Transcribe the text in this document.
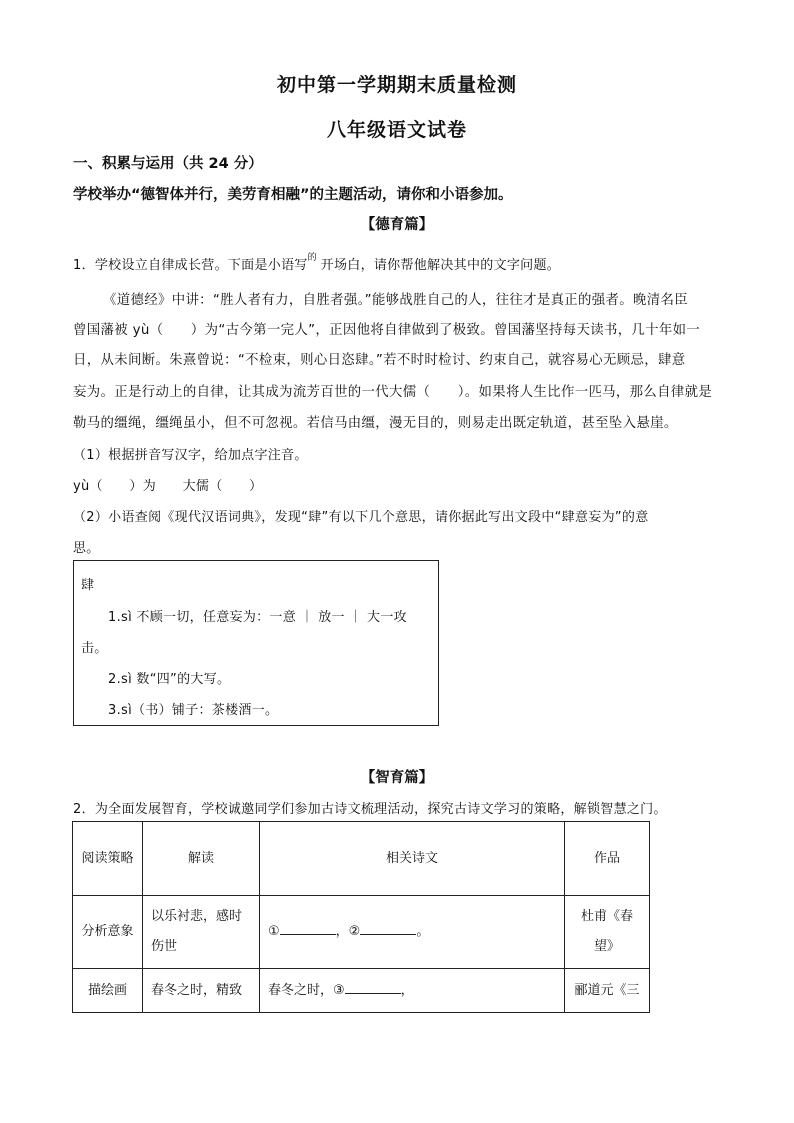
初中第一学期期末质量检测
八年级语文试卷
一、积累与运用（共 24 分）
学校举办“德智体并行，美劳育相融”的主题活动，请你和小语参加。
【德育篇】
1．学校设立自律成长营。下面是小语写 的 开场白，请你帮他解决其中的文字问题。
《道德经》中讲：“胜人者有力，自胜者强。”能够战胜自己的人，往往才是真正的强者。晚清名臣
曾国藩被 yù（　　）为“古今第一完人”，正因他将自律做到了极致。曾国藩坚持每天读书，几十年如一
日，从未间断。朱熹曾说：“不检束，则心日恣肆。”若不时时检讨、约束自己，就容易心无顾忌，肆意
妄为。正是行动上的自律，让其成为流芳百世的一代大儒（　　）。如果将人生比作一匹马，那么自律就是
勒马的缰绳，缰绳虽小，但不可忽视。若信马由缰，漫无目的，则易走出既定轨道，甚至坠入悬崖。
（1）根据拼音写汉字，给加点字注音。
yù（　　）为　　大儒（　　）
（2）小语查阅《现代汉语词典》，发现“肆”有以下几个意思，请你据此写出文段中“肆意妄为”的意
思。
肆
1.sì 不顾一切，任意妄为：一意 ｜ 放一 ｜ 大一攻
击。
2.sì 数“四”的大写。
3.sì（书）铺子：茶楼酒一。
【智育篇】
2．为全面发展智育，学校诚邀同学们参加古诗文梳理活动，探究古诗文学习的策略，解锁智慧之门。
阅读策略	解读	相关诗文	作品
分析意象	以乐衬悲，感时伤世	① ，② 。	杜甫《春望》
描绘画	春冬之时，精致	春冬之时，③ ，	郦道元《三
